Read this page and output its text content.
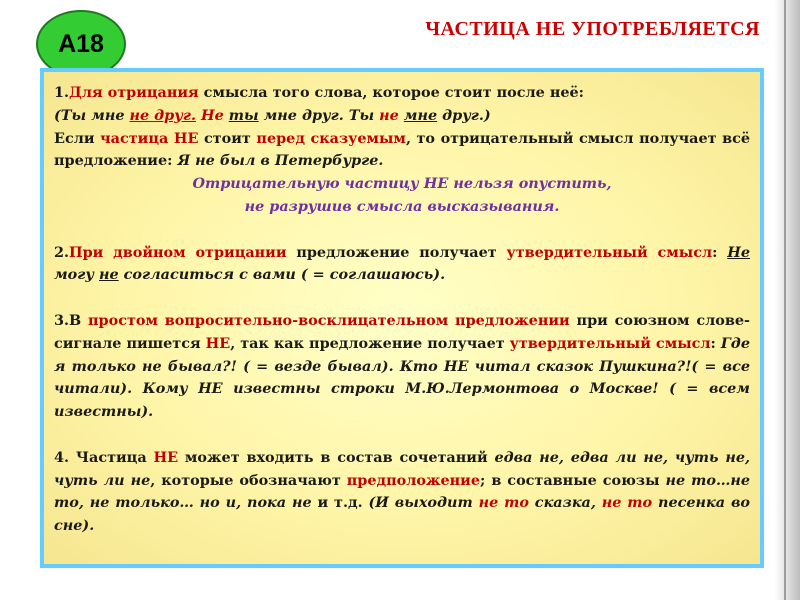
А18
ЧАСТИЦА НЕ УПОТРЕБЛЯЕТСЯ

1.Для отрицания смысла того слова, которое стоит после неё:

(Ты мне не друг. Не ты мне друг. Ты не мне друг.)

Если частица НЕ стоит перед сказуемым, то отрицательный смысл получает всё предложение: Я не был в Петербурге.

Отрицательную частицу НЕ нельзя опустить,

не разрушив смысла высказывания.

2.При двойном отрицании предложение получает утвердительный смысл: Не могу не согласиться с вами ( = соглашаюсь).

3.В простом вопросительно-восклицательном предложении при союзном слове-сигнале пишется НЕ, так как предложение получает утвердительный смысл: Где я только не бывал?! ( = везде бывал). Кто НЕ читал сказок Пушкина?!( = все читали). Кому НЕ известны строки М.Ю.Лермонтова о Москве! ( = всем известны).

4. Частица НЕ может входить в состав сочетаний едва не, едва ли не, чуть не, чуть ли не, которые обозначают предположение; в составные союзы не то…не то, не только… но и, пока не и т.д. (И выходит не то сказка, не то песенка во сне).
